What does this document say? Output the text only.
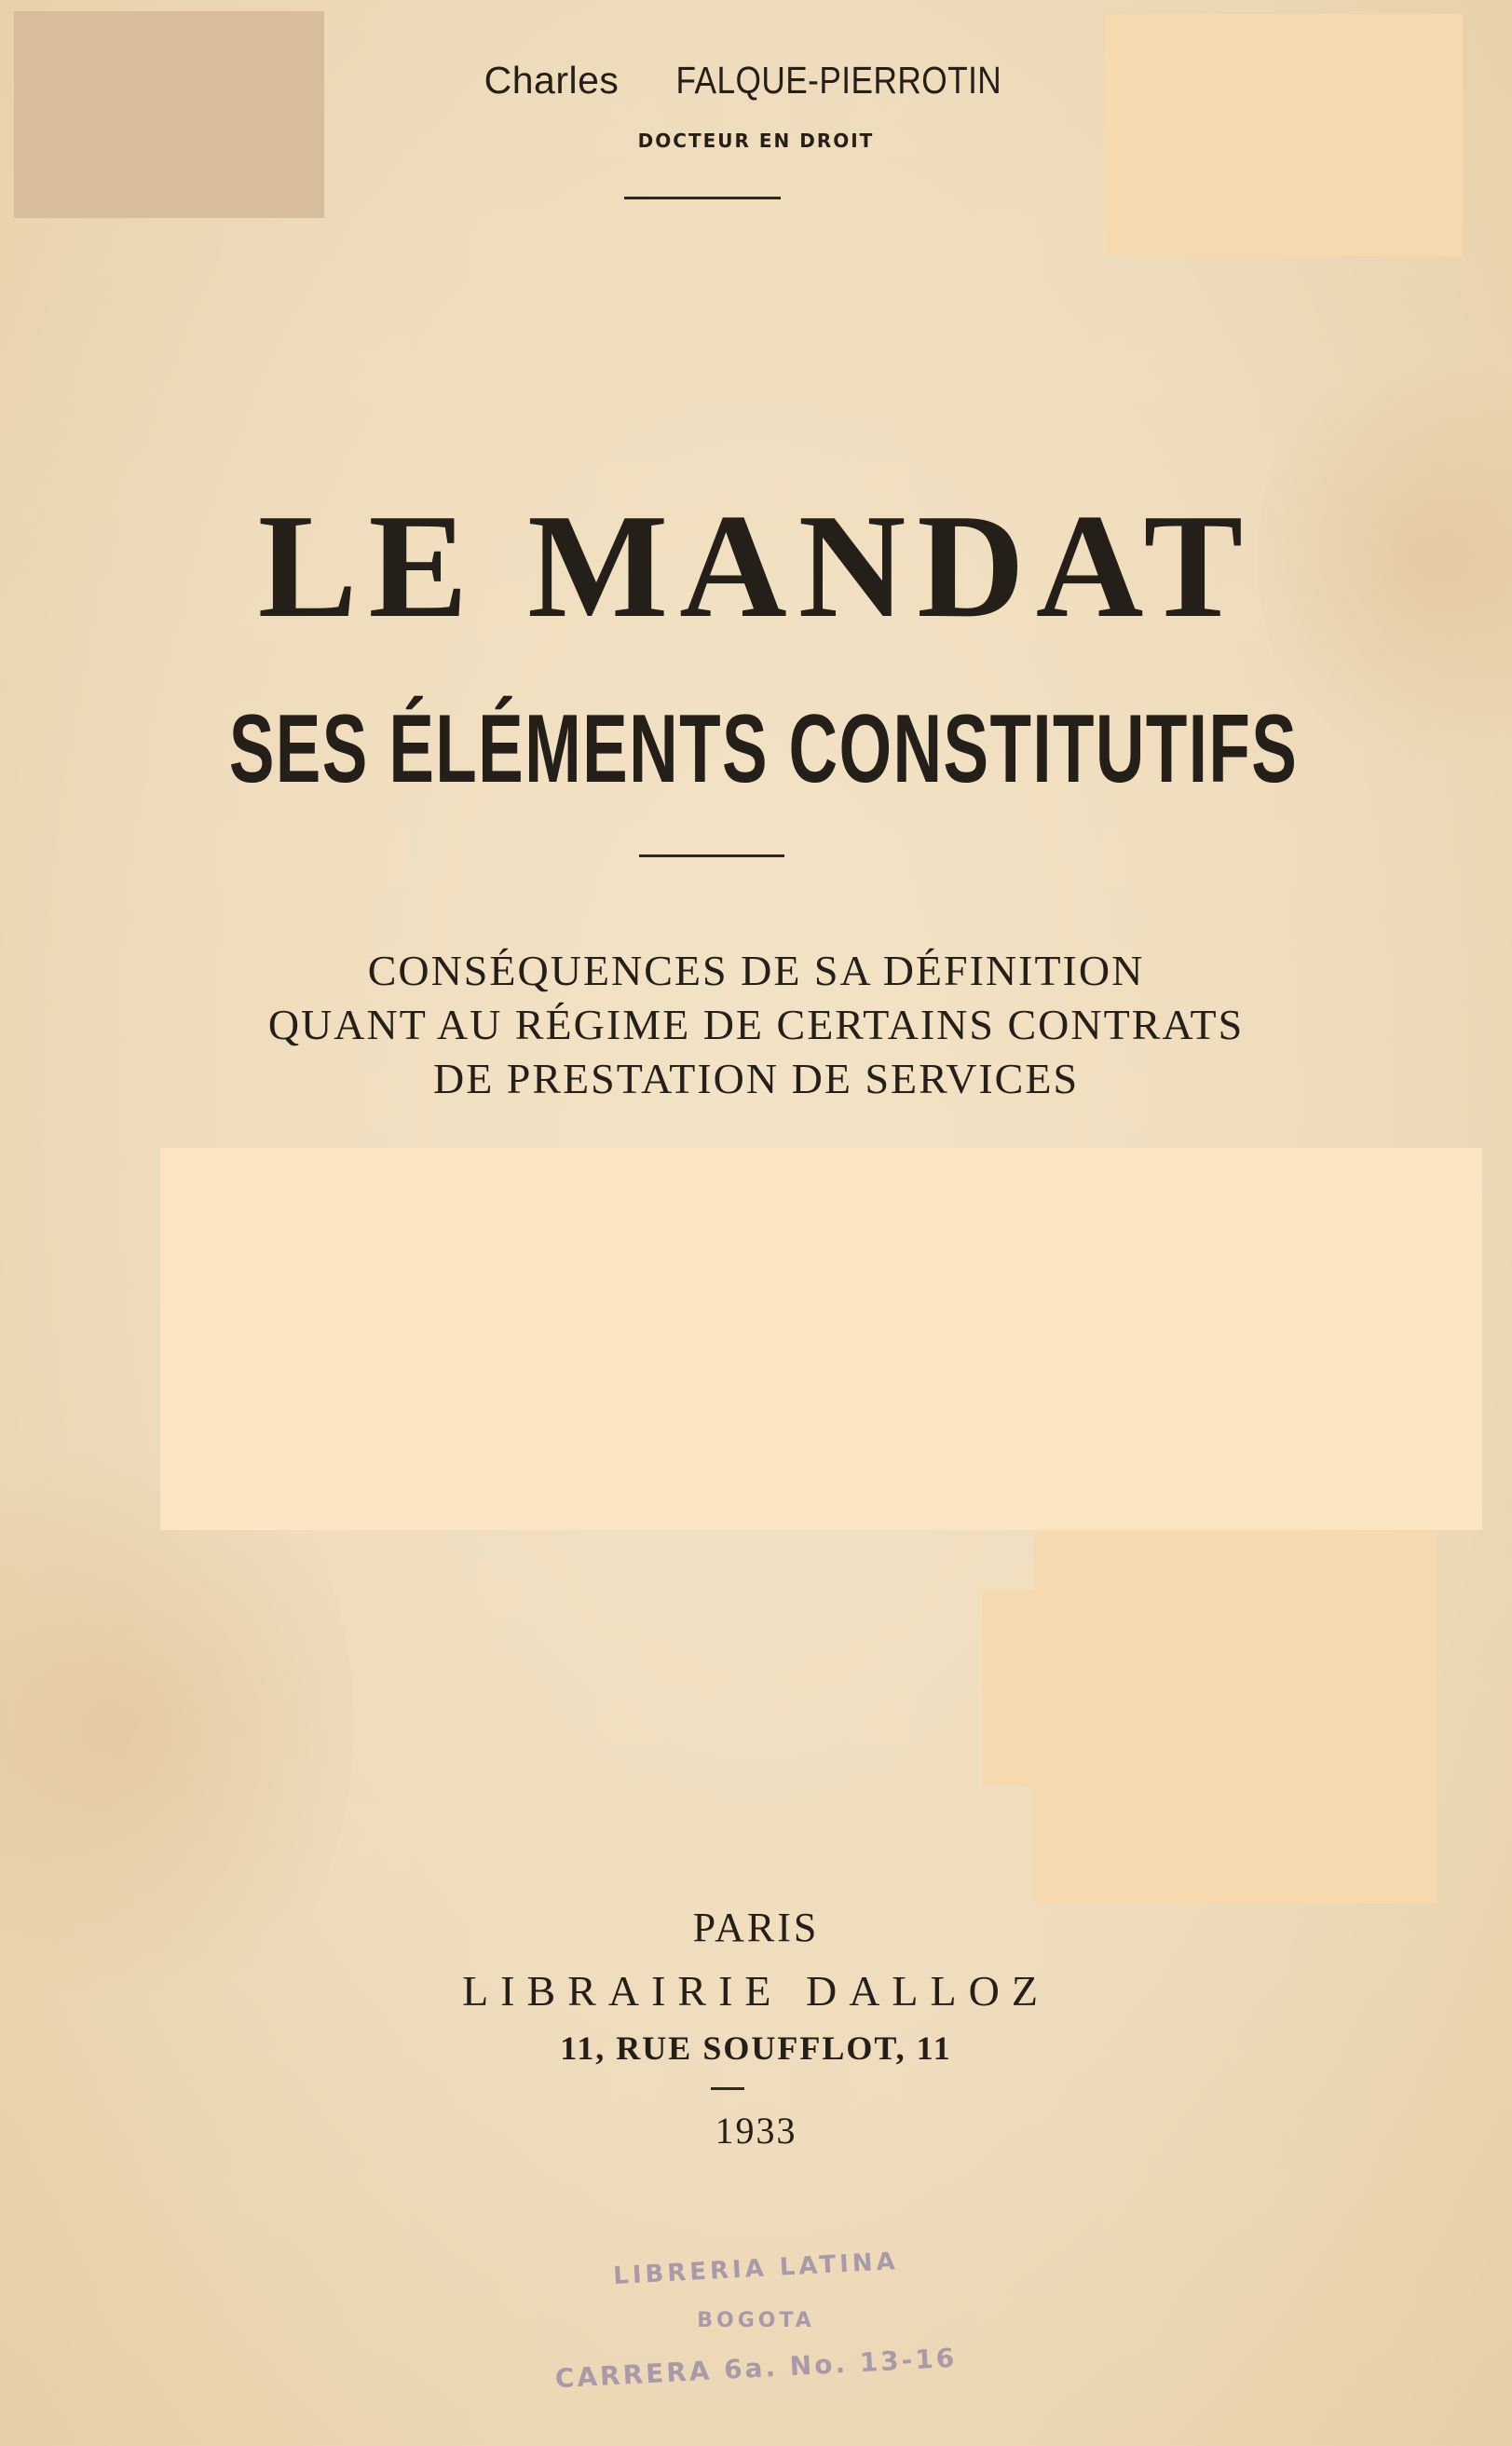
Charles FALQUE-PIERROTIN
DOCTEUR EN DROIT
LE MANDAT
SES ÉLÉMENTS CONSTITUTIFS
CONSÉQUENCES DE SA DÉFINITION
QUANT AU RÉGIME DE CERTAINS CONTRATS
DE PRESTATION DE SERVICES
PARIS
LIBRAIRIE DALLOZ
11, RUE SOUFFLOT, 11
1933
LIBRERIA LATINA
BOGOTA
CARRERA 6a. No. 13-16
